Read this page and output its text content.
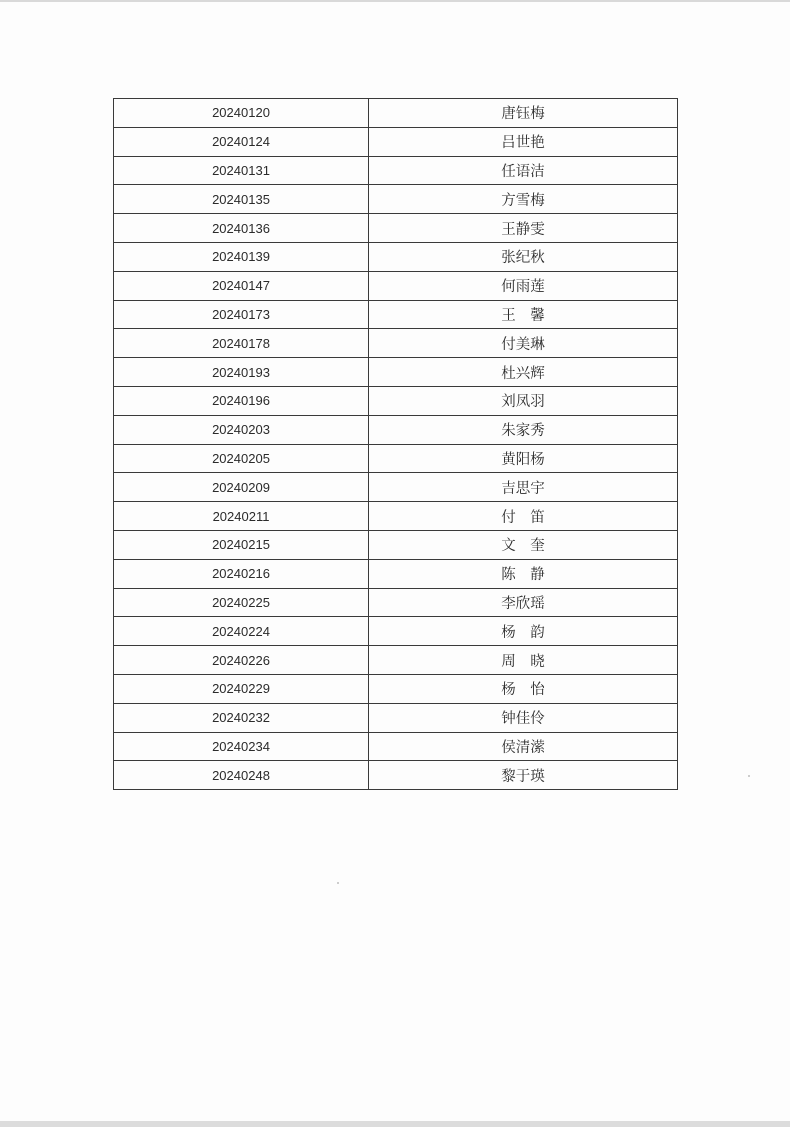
20240120	唐钰梅
20240124	吕世艳
20240131	任语洁
20240135	方雪梅
20240136	王静雯
20240139	张纪秋
20240147	何雨莲
20240173	王　馨
20240178	付美琳
20240193	杜兴辉
20240196	刘凤羽
20240203	朱家秀
20240205	黄阳杨
20240209	吉思宇
20240211	付　笛
20240215	文　奎
20240216	陈　静
20240225	李欣瑶
20240224	杨　韵
20240226	周　晓
20240229	杨　怡
20240232	钟佳伶
20240234	侯清潆
20240248	黎于瑛
